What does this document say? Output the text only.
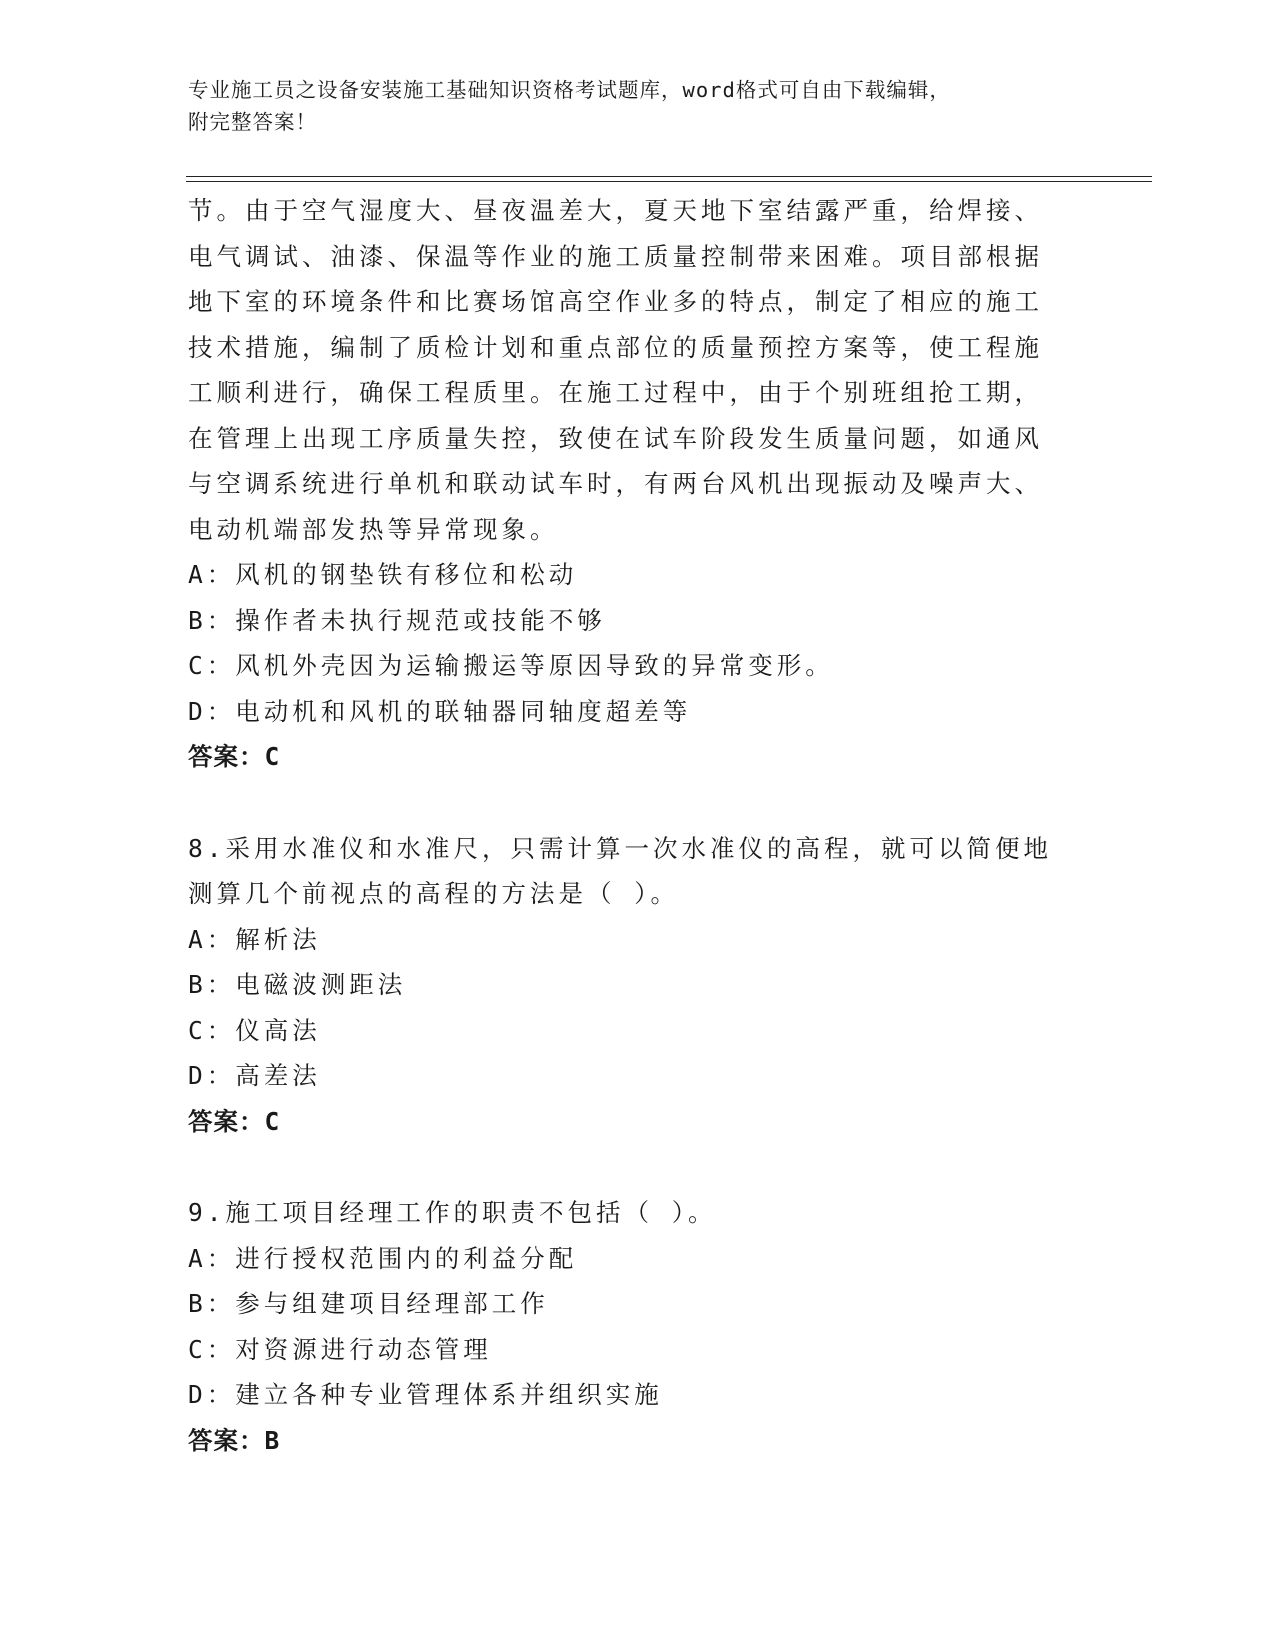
专业施工员之设备安装施工基础知识资格考试题库，word格式可自由下载编辑，
附完整答案！
节。由于空气湿度大、昼夜温差大，夏天地下室结露严重，给焊接、
电气调试、油漆、保温等作业的施工质量控制带来困难。项目部根据
地下室的环境条件和比赛场馆高空作业多的特点，制定了相应的施工
技术措施，编制了质检计划和重点部位的质量预控方案等，使工程施
工顺利进行，确保工程质里。在施工过程中，由于个别班组抢工期，
在管理上出现工序质量失控，致使在试车阶段发生质量问题，如通风
与空调系统进行单机和联动试车时，有两台风机出现振动及噪声大、
电动机端部发热等异常现象。
A：风机的钢垫铁有移位和松动
B：操作者未执行规范或技能不够
C：风机外壳因为运输搬运等原因导致的异常变形。
D：电动机和风机的联轴器同轴度超差等
答案：C
8.采用水准仪和水准尺，只需计算一次水准仪的高程，就可以简便地
测算几个前视点的高程的方法是（ ）。
A：解析法
B：电磁波测距法
C：仪高法
D：高差法
答案：C
9.施工项目经理工作的职责不包括（ ）。
A：进行授权范围内的利益分配
B：参与组建项目经理部工作
C：对资源进行动态管理
D：建立各种专业管理体系并组织实施
答案：B
